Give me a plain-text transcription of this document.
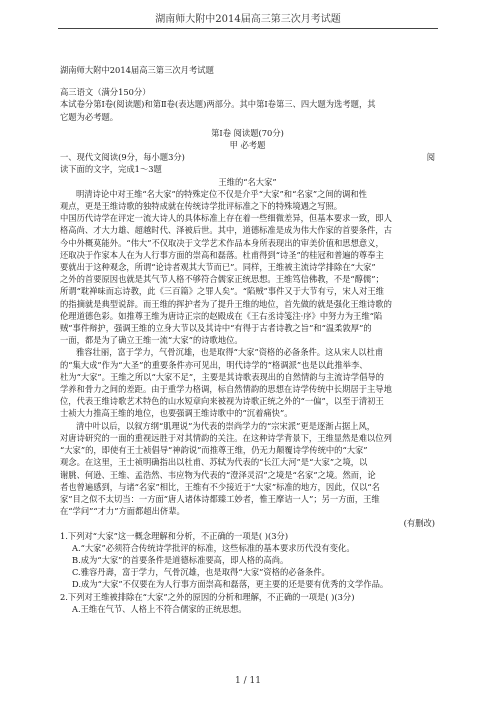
湖南师大附中2014届高三第三次月考试题
湖南师大附中2014届高三第三次月考试题
高三语文（满分150分）
本试卷分第Ⅰ卷(阅读题)和第Ⅱ卷(表达题)两部分。其中第Ⅰ卷第三、四大题为选考题，其
它题为必考题。
第Ⅰ卷 阅读题(70分)
甲 必考题
一、现代文阅读(9分，每小题3分)	阅
读下面的文字，完成1～3题
王维的“名大家”
明清诗论中对王维“名大家”的特殊定位不仅是介乎“大家”和“名家”之间的调和性
观点，更是王维诗歌的独特成就在传统诗学批评标准之下的特殊境遇之写照。
中国历代诗学在评定一流大诗人的具体标准上存在着一些细微差异，但基本要求一致，即人
格高尚、才大力雄、超越时代、泽被后世。其中，道德标准是成为伟大作家的首要条件，古
今中外概莫能外。“伟大”不仅取决于文学艺术作品本身所表现出的审美价值和思想意义，
还取决于作家本人在为人行事方面的崇高和磊落。杜甫得到“诗圣”的桂冠和普遍的尊奉主
要就出于这种观念，所谓“论诗者观其大节而已”。同样，王维被主流诗学排除在“大家”
之外的首要原因也就是其气节人格不够符合儒家正统思想。王维笃信佛教，不是“醇儒”；
所谓“耽禅味而忘诗教，此《三百篇》之罪人矣”。“陷贼”事件又于大节有亏，宋人对王维
的指摘就是典型说辞。而王维的挥护者为了提升王维的地位，首先做的就是强化王维诗歌的
伦理道德色彩。如推尊王维为唐诗正宗的赵殿成在《王右丞诗笺注·序》中努力为王维“陷
贼”事件辩护，强调王维的立身大节以及其诗中“有得于古者诗教之旨”和“温柔敦厚”的
一面，都是为了确立王维一流“大家”的诗歌地位。
雅容壮丽，富于学力，气骨沉雄，也是取得“大家”资格的必备条件。这从宋人以杜甫
的“集大成”作为“大圣”的重要条件亦可见出，明代诗学的“格调派”也是以此推举李、
杜为“大家”。王维之所以“大家不足”，主要是其诗歌表现出的自然情韵与主流诗学倡导的
学养和骨力之间的差距。由于重学力格调，标自然情韵的思想在诗学传统中长期居于主导地
位，代表王维诗歌艺术特色的山水短章向来被视为诗歌正统之外的“一偏”，以至于清初王
士祯大力推高王维的地位，也要强调王维诗歌中的“沉着痛快”。
清中叶以后，以叙方纲“肌理说”为代表的崇尚学力的“宗宋派”更是逐渐占据上风，
对唐诗研究的一面的重视远胜于对其情韵的关注。在这种诗学背景下，王维显然是难以位列
“大家”的，即使有王士祯倡导“神韵说”而推尊王维，仍无力颠覆诗学传统中的“大家”
观念。在这里，王士祯明确指出以杜甫、苏轼为代表的“长江大河”是“大家”之境，以
谢朓、何逊、王维、孟浩然、韦应物为代表的“澄泽灵沼”之境是“名家”之境。然而，论
者也曾遍感到，与诸“名家”相比，王维有不少接近于“大家”标准的地方，因此，仅以“名
家”目之似不太切当：一方面“唐人诸体诗都臻工妙者，惟王摩诘一人”；另一方面，王维
在“学问”“才力”方面都超出侪辈。
(有删改)
1.下列对“大家”这一概念理解和分析，不正确的一项是( )(3分)
A.“大家”必须符合传统诗学批评的标准，这些标准的基本要求历代没有变化。
B.成为“大家”的首要条件是道德标准要高，即人格的高尚。
C.雅容丹壽，富于学力，气骨沉雄，也是取得“大家”资格的必备条件。
D.成为“大家”不仅要在为人行事方面崇高和磊落，更主要的还是要有优秀的文学作品。
2.下列对王维被排除在“大家”之外的原因的分析和理解，不正确的一项是( )(3分)
A.王维在气节、人格上不符合儒家的正统思想。
1 / 11
